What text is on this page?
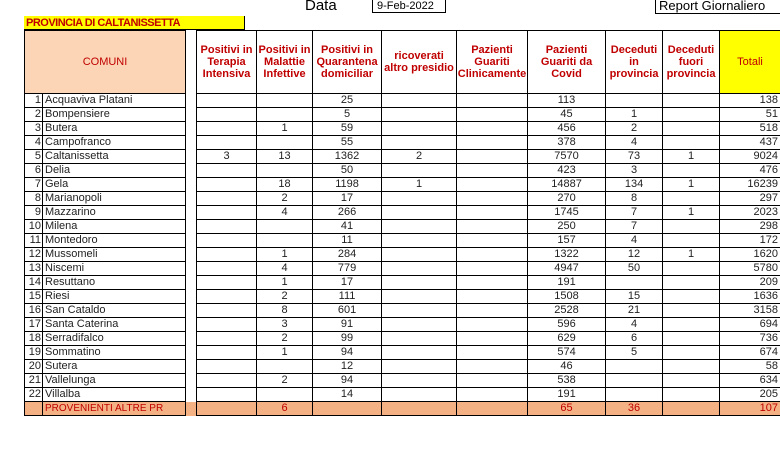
Data	9-Feb-2022	Report Giornaliero
PROVINCIA DI CALTANISSETTA
COMUNI			Positivi in Terapia Intensiva	Positivi in Malattie Infettive	Positivi in Quarantena domiciliar	ricoverati altro presidio	Pazienti Guariti Clinicamente	Pazienti Guariti da Covid	Deceduti in provincia	Deceduti fuori provincia	Totali
1	Acquaviva Platani				25			113			138
2	Bompensiere				5			45	1		51
3	Butera			1	59			456	2		518
4	Campofranco				55			378	4		437
5	Caltanissetta		3	13	1362	2		7570	73	1	9024
6	Delia				50			423	3		476
7	Gela			18	1198	1		14887	134	1	16239
8	Marianopoli			2	17			270	8		297
9	Mazzarino			4	266			1745	7	1	2023
10	Milena				41			250	7		298
11	Montedoro				11			157	4		172
12	Mussomeli			1	284			1322	12	1	1620
13	Niscemi			4	779			4947	50		5780
14	Resuttano			1	17			191			209
15	Riesi			2	111			1508	15		1636
16	San Cataldo			8	601			2528	21		3158
17	Santa Caterina			3	91			596	4		694
18	Serradifalco			2	99			629	6		736
19	Sommatino			1	94			574	5		674
20	Sutera				12			46			58
21	Vallelunga			2	94			538			634
22	Villalba				14			191			205
	PROVENIENTI ALTRE PR			6				65	36		107
